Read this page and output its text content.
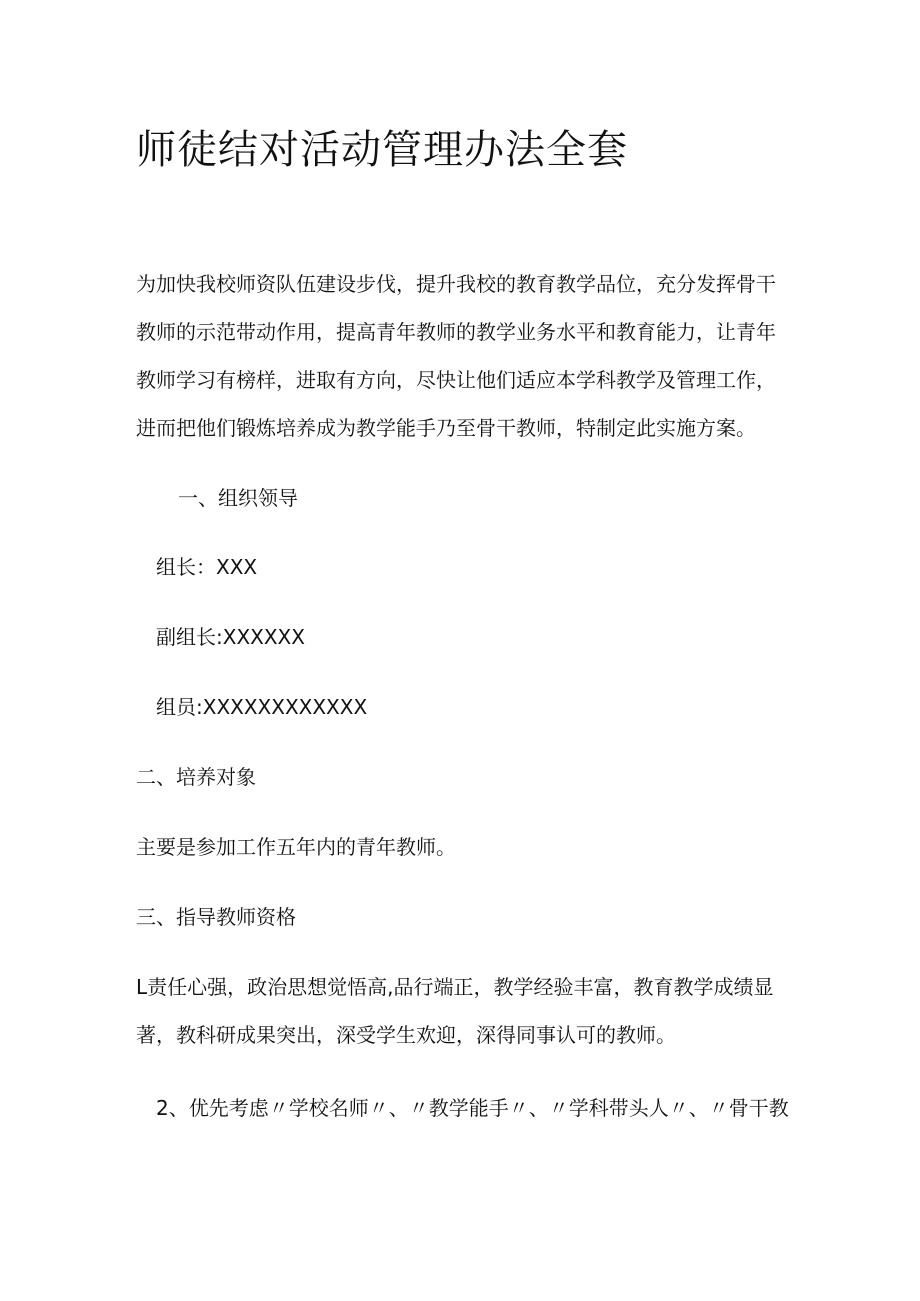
师徒结对活动管理办法全套

为加快我校师资队伍建设步伐，提升我校的教育教学品位，充分发挥骨干

教师的示范带动作用，提高青年教师的教学业务水平和教育能力，让青年

教师学习有榜样，进取有方向，尽快让他们适应本学科教学及管理工作，

进而把他们锻炼培养成为教学能手乃至骨干教师，特制定此实施方案。

一、组织领导

组长：XXX

副组长:XXXXXX

组员:XXXXXXXXXXXX

二、培养对象

主要是参加工作五年内的青年教师。

三、指导教师资格

L责任心强，政治思想觉悟高,品行端正，教学经验丰富，教育教学成绩显

著，教科研成果突出，深受学生欢迎，深得同事认可的教师。

2、优先考虑〃学校名师〃、〃教学能手〃、〃学科带头人〃、〃骨干教
